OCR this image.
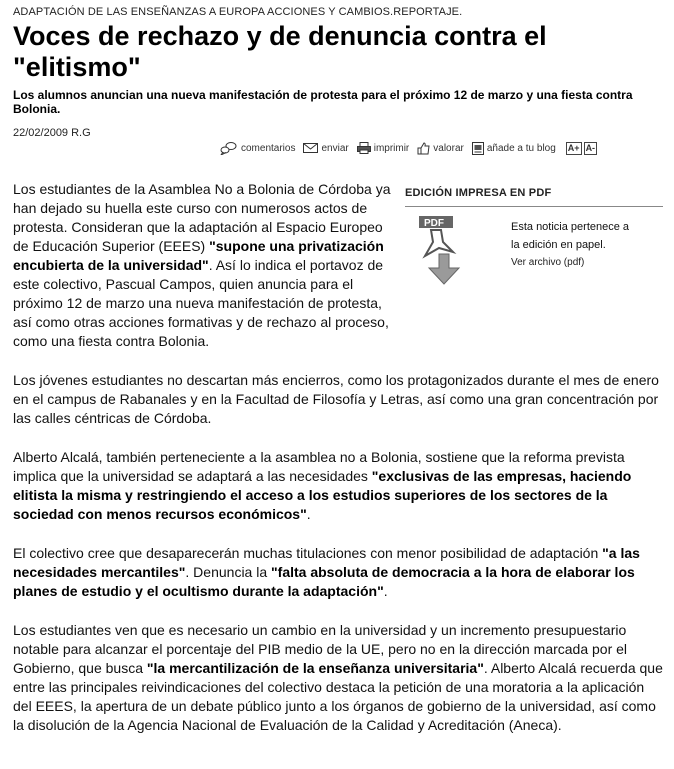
ADAPTACIÓN DE LAS ENSEÑANZAS A EUROPA ACCIONES Y CAMBIOS.REPORTAJE.
Voces de rechazo y de denuncia contra el "elitismo"
Los alumnos anuncian una nueva manifestación de protesta para el próximo 12 de marzo y una fiesta contra Bolonia.
22/02/2009 R.G
comentarios	enviar	imprimir valorar añade a tu blog A+ A-
EDICIÓN IMPRESA EN PDF
PDF	Esta noticia pertenece a
la edición en papel.
Ver archivo (pdf)

Los estudiantes de la Asamblea No a Bolonia de Córdoba ya han dejado su huella este curso con numerosos actos de protesta. Consideran que la adaptación al Espacio Europeo de Educación Superior (EEES) "supone una privatización encubierta de la universidad". Así lo indica el portavoz de este colectivo, Pascual Campos, quien anuncia para el próximo 12 de marzo una nueva manifestación de protesta, así como otras acciones formativas y de rechazo al proceso, como una fiesta contra Bolonia.

Los jóvenes estudiantes no descartan más encierros, como los protagonizados durante el mes de enero en el campus de Rabanales y en la Facultad de Filosofía y Letras, así como una gran concentración por las calles céntricas de Córdoba.

Alberto Alcalá, también perteneciente a la asamblea no a Bolonia, sostiene que la reforma prevista implica que la universidad se adaptará a las necesidades "exclusivas de las empresas, haciendo elitista la misma y restringiendo el acceso a los estudios superiores de los sectores de la sociedad con menos recursos económicos".

El colectivo cree que desaparecerán muchas titulaciones con menor posibilidad de adaptación "a las necesidades mercantiles". Denuncia la "falta absoluta de democracia a la hora de elaborar los planes de estudio y el ocultismo durante la adaptación".

Los estudiantes ven que es necesario un cambio en la universidad y un incremento presupuestario notable para alcanzar el porcentaje del PIB medio de la UE, pero no en la dirección marcada por el Gobierno, que busca "la mercantilización de la enseñanza universitaria". Alberto Alcalá recuerda que entre las principales reivindicaciones del colectivo destaca la petición de una moratoria a la aplicación del EEES, la apertura de un debate público junto a los órganos de gobierno de la universidad, así como la disolución de la Agencia Nacional de Evaluación de la Calidad y Acreditación (Aneca).
